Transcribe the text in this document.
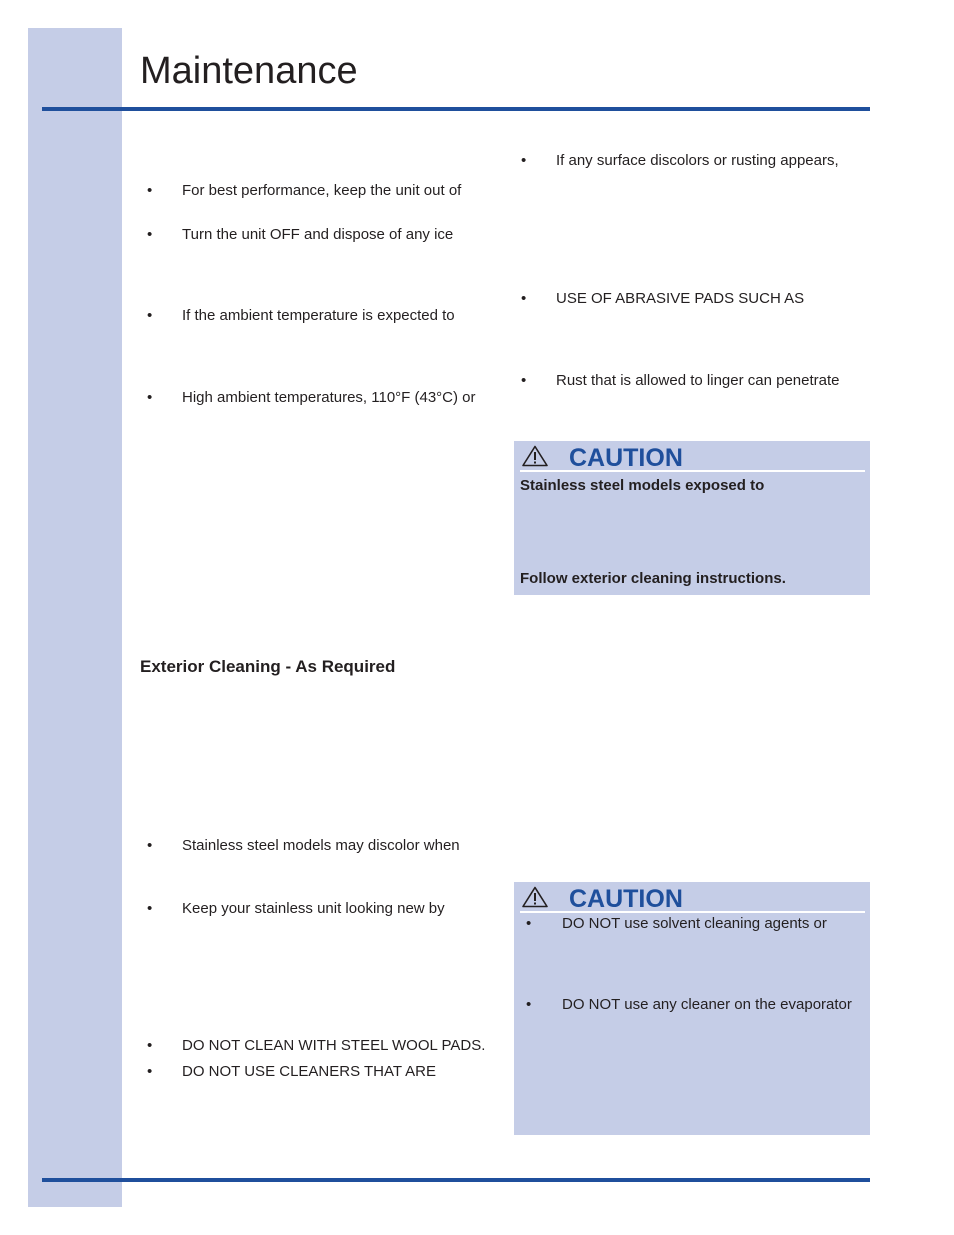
Maintenance
• For best performance, keep the unit out of
• Turn the unit OFF and dispose of any ice
• If the ambient temperature is expected to
• High ambient temperatures, 110°F (43°C) or
• If any surface discolors or rusting appears,
• USE OF ABRASIVE PADS SUCH AS
• Rust that is allowed to linger can penetrate
CAUTION
Stainless steel models exposed to
Follow exterior cleaning instructions.
Exterior Cleaning - As Required
• Stainless steel models may discolor when
• Keep your stainless unit looking new by
• DO NOT CLEAN WITH STEEL WOOL PADS.
• DO NOT USE CLEANERS THAT ARE
CAUTION
• DO NOT use solvent cleaning agents or
• DO NOT use any cleaner on the evaporator
